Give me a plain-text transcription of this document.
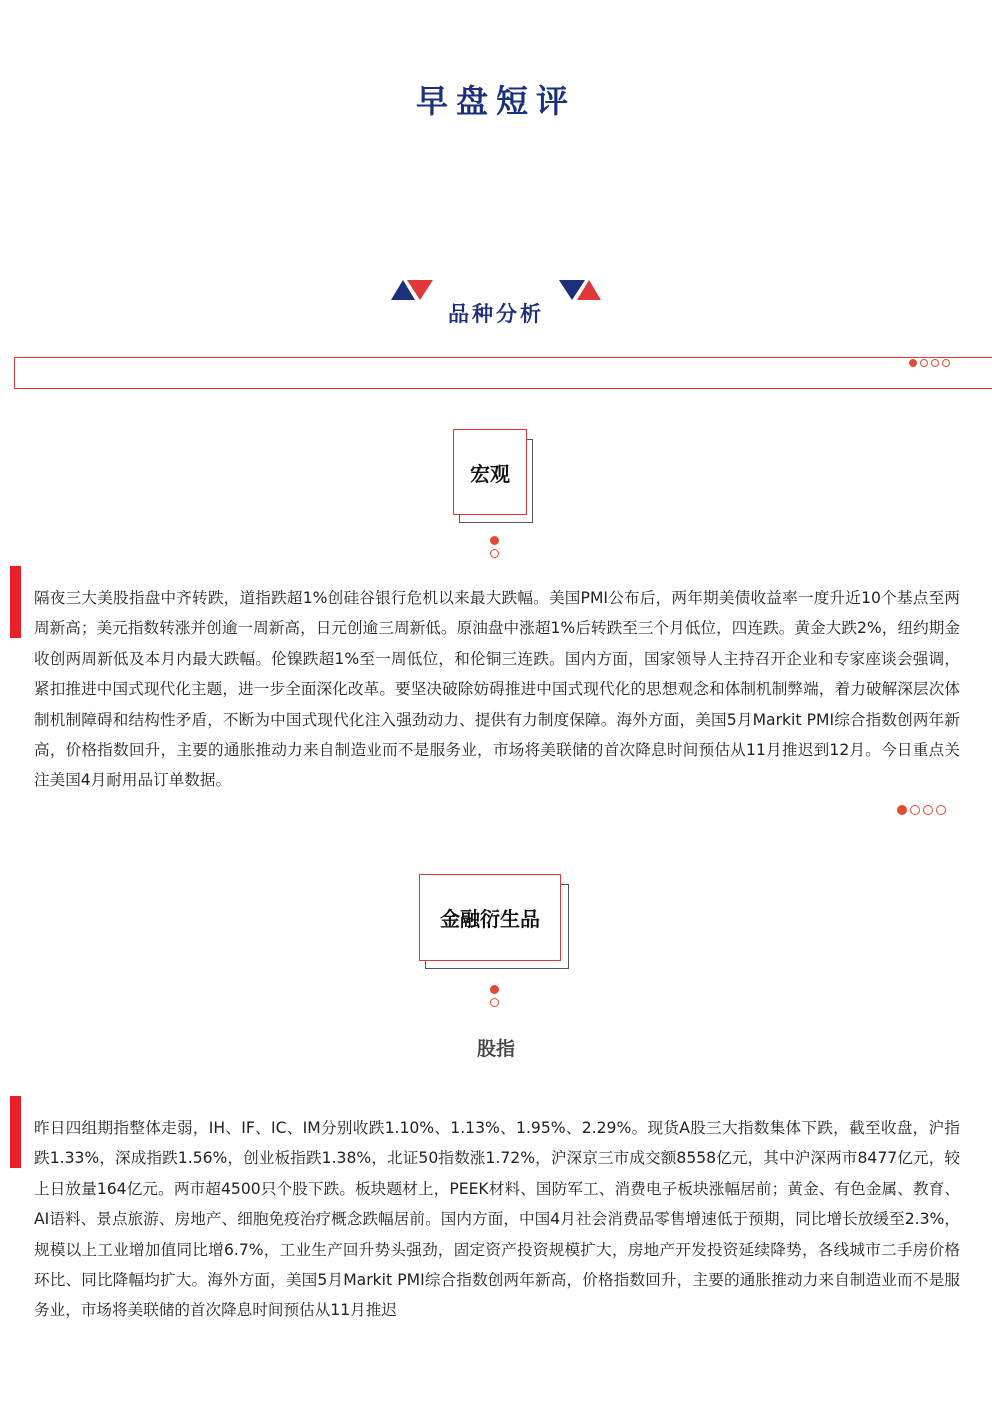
早盘短评
品种分析
宏观
隔夜三大美股指盘中齐转跌，道指跌超1%创硅谷银行危机以来最大跌幅。美国PMI公布后，两年期美债收益率一度升近10个基点至两周新高；美元指数转涨并创逾一周新高，日元创逾三周新低。原油盘中涨超1%后转跌至三个月低位，四连跌。黄金大跌2%，纽约期金收创两周新低及本月内最大跌幅。伦镍跌超1%至一周低位，和伦铜三连跌。国内方面，国家领导人主持召开企业和专家座谈会强调，紧扣推进中国式现代化主题，进一步全面深化改革。要坚决破除妨碍推进中国式现代化的思想观念和体制机制弊端，着力破解深层次体制机制障碍和结构性矛盾，不断为中国式现代化注入强劲动力、提供有力制度保障。海外方面，美国5月Markit PMI综合指数创两年新高，价格指数回升，主要的通胀推动力来自制造业而不是服务业，市场将美联储的首次降息时间预估从11月推迟到12月。今日重点关注美国4月耐用品订单数据。
金融衍生品
股指
昨日四组期指整体走弱，IH、IF、IC、IM分别收跌1.10%、1.13%、1.95%、2.29%。现货A股三大指数集体下跌，截至收盘，沪指跌1.33%，深成指跌1.56%，创业板指跌1.38%，北证50指数涨1.72%，沪深京三市成交额8558亿元，其中沪深两市8477亿元，较上日放量164亿元。两市超4500只个股下跌。板块题材上，PEEK材料、国防军工、消费电子板块涨幅居前；黄金、有色金属、教育、AI语料、景点旅游、房地产、细胞免疫治疗概念跌幅居前。国内方面，中国4月社会消费品零售增速低于预期，同比增长放缓至2.3%，规模以上工业增加值同比增6.7%，工业生产回升势头强劲，固定资产投资规模扩大，房地产开发投资延续降势，各线城市二手房价格环比、同比降幅均扩大。海外方面，美国5月Markit PMI综合指数创两年新高，价格指数回升，主要的通胀推动力来自制造业而不是服务业，市场将美联储的首次降息时间预估从11月推迟
